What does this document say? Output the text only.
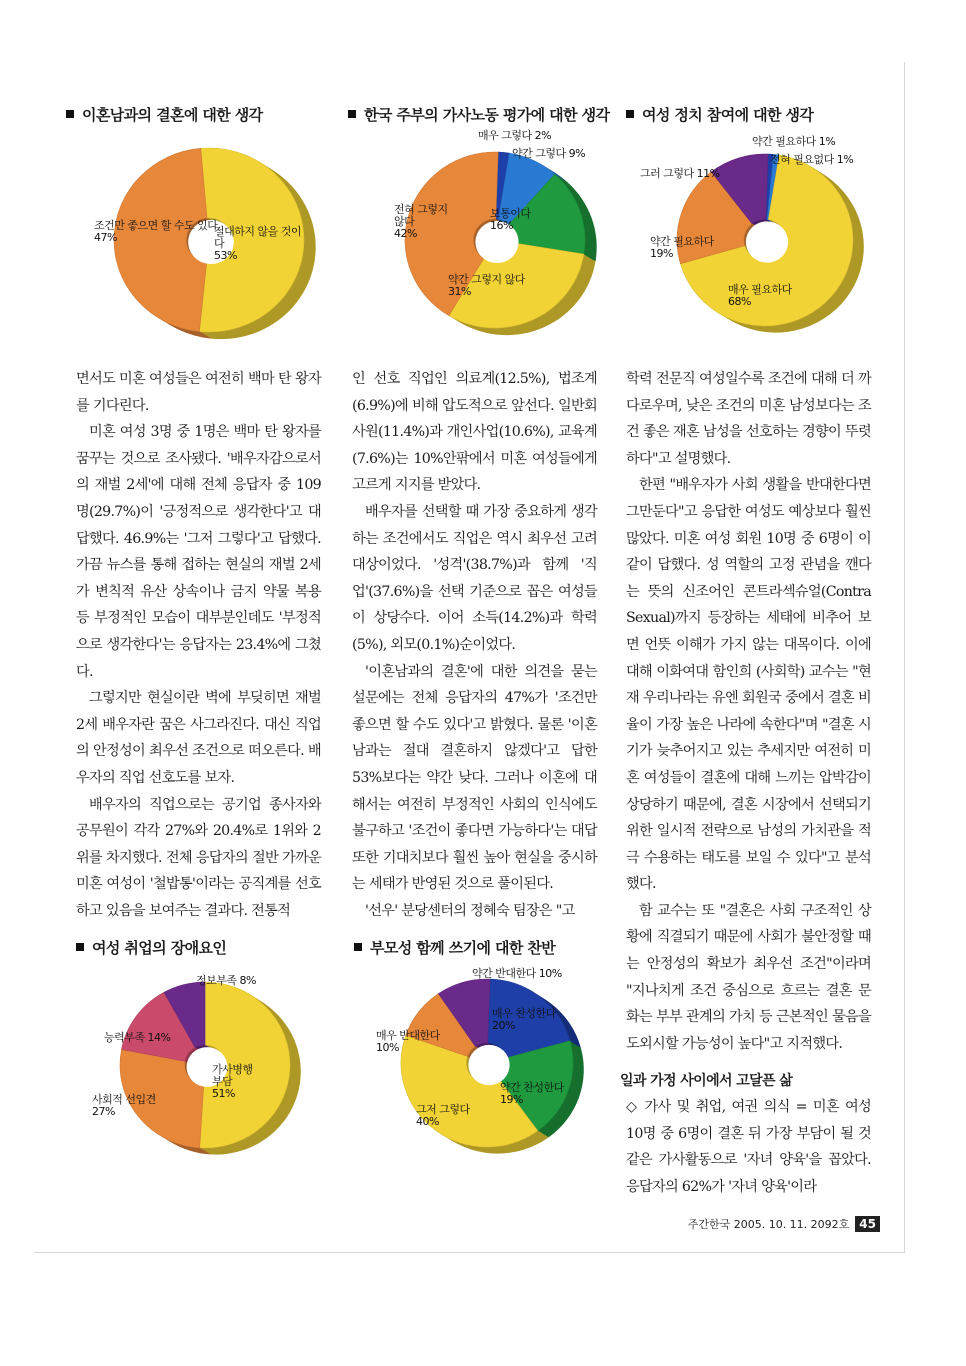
이혼남과의 결혼에 대한 생각	한국 주부의 가사노동 평가에 대한 생각	여성 정치 참여에 대한 생각
여성 취업의 장애요인	부모성 함께 쓰기에 대한 찬반
조건만 좋으면 할 수도 있다
47%	절대하지 않을 것이다
53%
매우 그렇다 2%
약간 그렇다 9%
보통이다
16%
약간 그렇지 않다
31%
전혀 그렇지 않다
42%
약간 필요하다 1%
전혀 필요없다 1%
그러 그렇다 11%
약간 필요하다
19%
매우 필요하다
68%
정보부족 8%
능력부족 14%
사회적 선입견
27%
가사병행 부담
51%
약간 반대한다 10%
매우 찬성한다
20%
매우 반대한다
10%
약간 찬성한다
19%
그저 그렇다
40%

면서도 미혼 여성들은 여전히 백마 탄 왕자를 기다린다.

미혼 여성 3명 중 1명은 백마 탄 왕자를 꿈꾸는 것으로 조사됐다. '배우자감으로서의 재벌 2세'에 대해 전체 응답자 중 109명(29.7%)이 '긍정적으로 생각한다'고 대답했다. 46.9%는 '그저 그렇다'고 답했다. 가끔 뉴스를 통해 접하는 현실의 재벌 2세가 변칙적 유산 상속이나 금지 약물 복용 등 부정적인 모습이 대부분인데도 '부정적으로 생각한다'는 응답자는 23.4%에 그쳤다.

그렇지만 현실이란 벽에 부딪히면 재벌 2세 배우자란 꿈은 사그라진다. 대신 직업의 안정성이 최우선 조건으로 떠오른다. 배우자의 직업 선호도를 보자.

배우자의 직업으로는 공기업 종사자와 공무원이 각각 27%와 20.4%로 1위와 2위를 차지했다. 전체 응답자의 절반 가까운 미혼 여성이 '철밥통'이라는 공직계를 선호하고 있음을 보여주는 결과다. 전통적

인 선호 직업인 의료계(12.5%), 법조계(6.9%)에 비해 압도적으로 앞선다. 일반회사원(11.4%)과 개인사업(10.6%), 교육계(7.6%)는 10%안팎에서 미혼 여성들에게 고르게 지지를 받았다.

배우자를 선택할 때 가장 중요하게 생각하는 조건에서도 직업은 역시 최우선 고려 대상이었다. '성격'(38.7%)과 함께 '직업'(37.6%)을 선택 기준으로 꼽은 여성들이 상당수다. 이어 소득(14.2%)과 학력(5%), 외모(0.1%)순이었다.

'이혼남과의 결혼'에 대한 의견을 묻는 설문에는 전체 응답자의 47%가 '조건만 좋으면 할 수도 있다'고 밝혔다. 물론 '이혼남과는 절대 결혼하지 않겠다'고 답한 53%보다는 약간 낮다. 그러나 이혼에 대해서는 여전히 부정적인 사회의 인식에도 불구하고 '조건이 좋다면 가능하다'는 대답 또한 기대치보다 훨씬 높아 현실을 중시하는 세태가 반영된 것으로 풀이된다.

'선우' 분당센터의 정혜숙 팀장은 "고

학력 전문직 여성일수록 조건에 대해 더 까다로우며, 낮은 조건의 미혼 남성보다는 조건 좋은 재혼 남성을 선호하는 경향이 뚜렷하다"고 설명했다.

한편 "배우자가 사회 생활을 반대한다면 그만둔다"고 응답한 여성도 예상보다 훨씬 많았다. 미혼 여성 회원 10명 중 6명이 이같이 답했다. 성 역할의 고정 관념을 깬다는 뜻의 신조어인 콘트라섹슈얼(Contra Sexual)까지 등장하는 세태에 비추어 보면 언뜻 이해가 가지 않는 대목이다. 이에 대해 이화여대 함인희 (사회학) 교수는 "현재 우리나라는 유엔 회원국 중에서 결혼 비율이 가장 높은 나라에 속한다"며 "결혼 시기가 늦추어지고 있는 추세지만 여전히 미혼 여성들이 결혼에 대해 느끼는 압박감이 상당하기 때문에, 결혼 시장에서 선택되기 위한 일시적 전략으로 남성의 가치관을 적극 수용하는 태도를 보일 수 있다"고 분석했다.

함 교수는 또 "결혼은 사회 구조적인 상황에 직결되기 때문에 사회가 불안정할 때는 안정성의 확보가 최우선 조건"이라며 "지나치게 조건 중심으로 흐르는 결혼 문화는 부부 관계의 가치 등 근본적인 물음을 도외시할 가능성이 높다"고 지적했다.

일과 가정 사이에서 고달픈 삶

◇ 가사 및 취업, 여권 의식 = 미혼 여성 10명 중 6명이 결혼 뒤 가장 부담이 될 것 같은 가사활동으로 '자녀 양육'을 꼽았다. 응답자의 62%가 '자녀 양육'이라

주간한국 2005. 10. 11. 2092호 45
